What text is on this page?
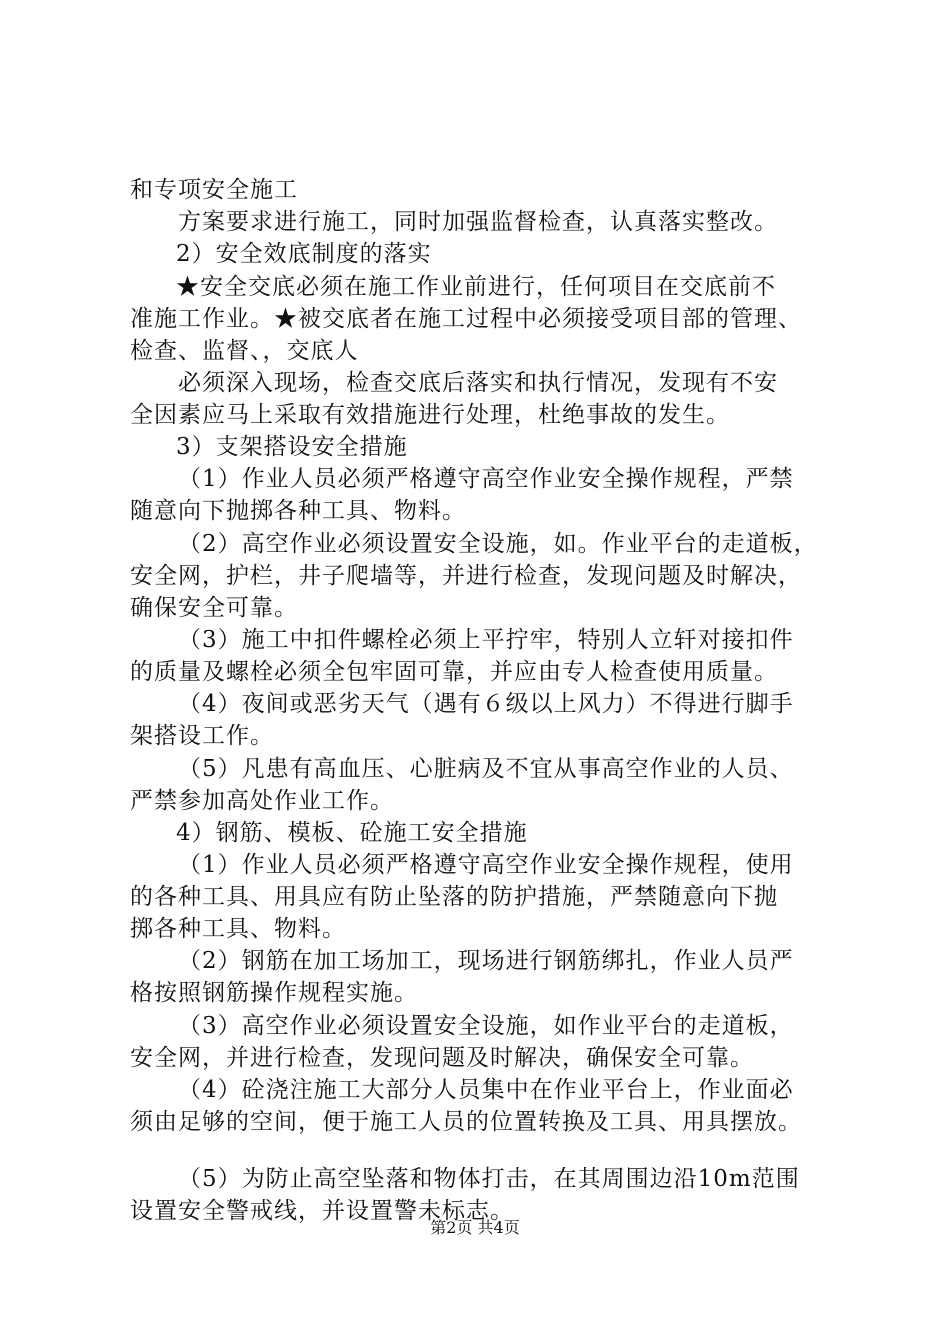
和专项安全施工
方案要求进行施工，同时加强监督检查，认真落实整改。
2）安全效底制度的落实
★安全交底必须在施工作业前进行，任何项目在交底前不
准施工作业。★被交底者在施工过程中必须接受项目部的管理、
检查、监督、，交底人
必须深入现场，检查交底后落实和执行情况，发现有不安
全因素应马上采取有效措施进行处理，杜绝事故的发生。
3）支架搭设安全措施
（1）作业人员必须严格遵守高空作业安全操作规程，严禁
随意向下抛掷各种工具、物料。
（2）高空作业必须设置安全设施，如。作业平台的走道板，
安全网，护栏，井子爬墙等，并进行检查，发现问题及时解决，
确保安全可靠。
（3）施工中扣件螺栓必须上平拧牢，特别人立轩对接扣件
的质量及螺栓必须全包牢固可靠，并应由专人检查使用质量。
（4）夜间或恶劣天气（遇有６级以上风力）不得进行脚手
架搭设工作。
（5）凡患有高血压、心脏病及不宜从事高空作业的人员、
严禁参加高处作业工作。
4）钢筋、模板、砼施工安全措施
（1）作业人员必须严格遵守高空作业安全操作规程，使用
的各种工具、用具应有防止坠落的防护措施，严禁随意向下抛
掷各种工具、物料。
（2）钢筋在加工场加工，现场进行钢筋绑扎，作业人员严
格按照钢筋操作规程实施。
（3）高空作业必须设置安全设施，如作业平台的走道板，
安全网，并进行检查，发现问题及时解决，确保安全可靠。
（4）砼浇注施工大部分人员集中在作业平台上，作业面必
须由足够的空间，便于施工人员的位置转换及工具、用具摆放。
（5）为防止高空坠落和物体打击，在其周围边沿10m范围
设置安全警戒线，并设置警未标志。
第2页 共4页
